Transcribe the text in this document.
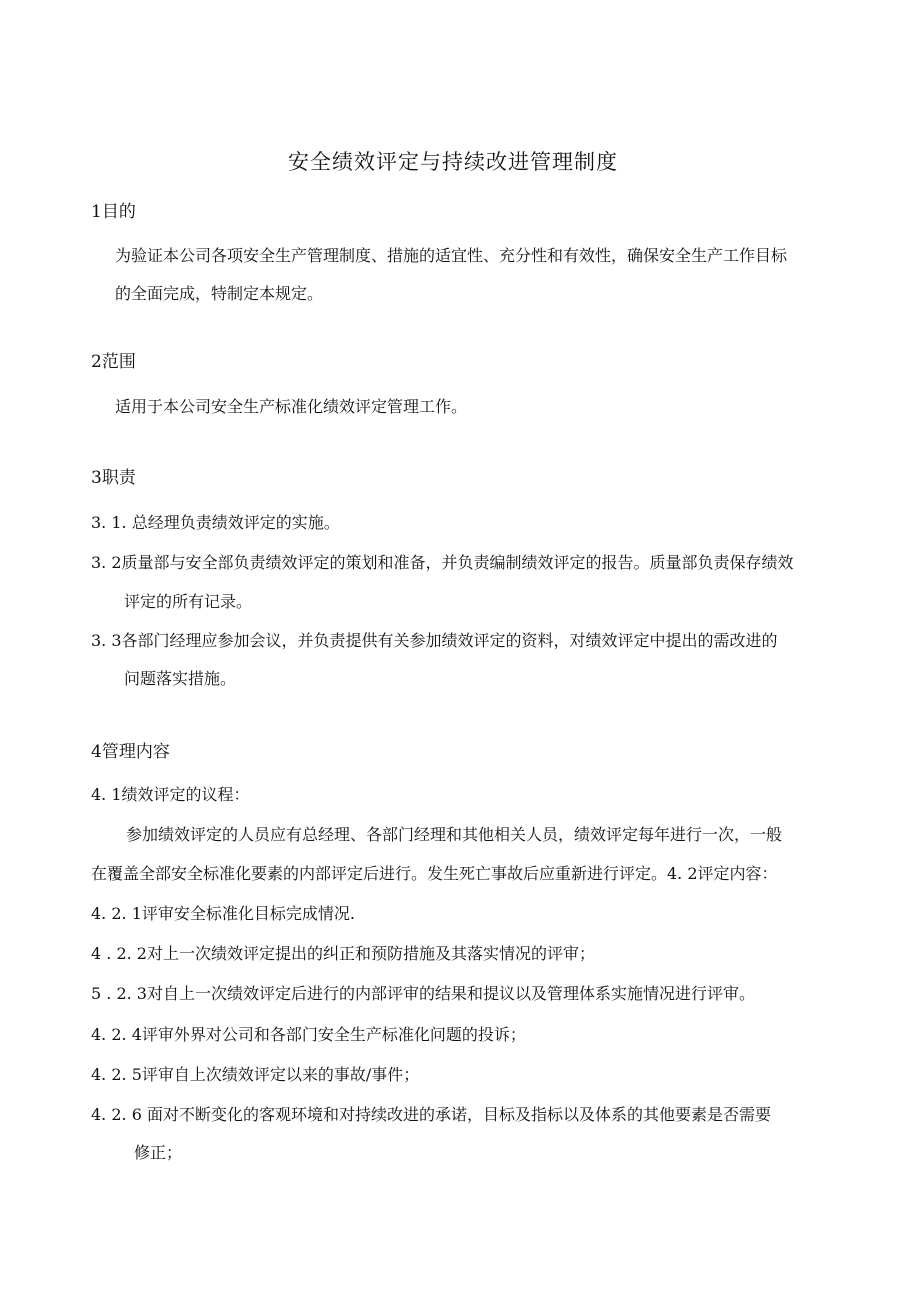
安全绩效评定与持续改进管理制度
1目的
为验证本公司各项安全生产管理制度、措施的适宜性、充分性和有效性，确保安全生产工作目标
的全面完成，特制定本规定。
2范围
适用于本公司安全生产标准化绩效评定管理工作。
3职责
3. 1. 总经理负责绩效评定的实施。
3. 2质量部与安全部负责绩效评定的策划和准备，并负责编制绩效评定的报告。质量部负责保存绩效
评定的所有记录。
3. 3各部门经理应参加会议，并负责提供有关参加绩效评定的资料，对绩效评定中提出的需改进的
问题落实措施。
4管理内容
4. 1绩效评定的议程：
参加绩效评定的人员应有总经理、各部门经理和其他相关人员，绩效评定每年进行一次，一般
在覆盖全部安全标准化要素的内部评定后进行。发生死亡事故后应重新进行评定。4. 2评定内容：
4. 2. 1评审安全标准化目标完成情况.
4 . 2. 2对上一次绩效评定提出的纠正和预防措施及其落实情况的评审；
5 . 2. 3对自上一次绩效评定后进行的内部评审的结果和提议以及管理体系实施情况进行评审。
4. 2. 4评审外界对公司和各部门安全生产标准化问题的投诉；
4. 2. 5评审自上次绩效评定以来的事故/事件；
4. 2. 6 面对不断变化的客观环境和对持续改进的承诺，目标及指标以及体系的其他要素是否需要
修正；
